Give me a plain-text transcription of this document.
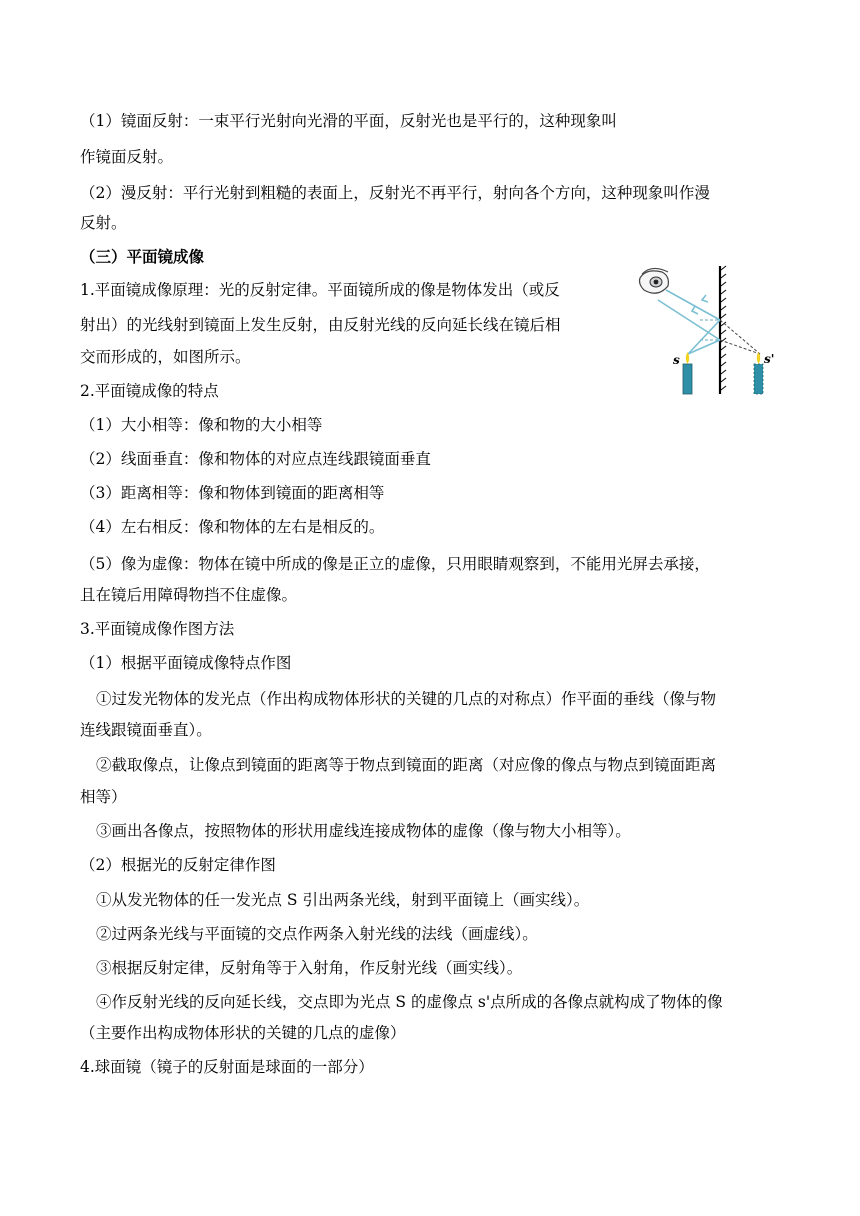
（1）镜面反射：一束平行光射向光滑的平面，反射光也是平行的，这种现象叫
作镜面反射。
（2）漫反射：平行光射到粗糙的表面上，反射光不再平行，射向各个方向，这种现象叫作漫
反射。
（三）平面镜成像
1.平面镜成像原理：光的反射定律。平面镜所成的像是物体发出（或反
射出）的光线射到镜面上发生反射，由反射光线的反向延长线在镜后相
交而形成的，如图所示。
2.平面镜成像的特点
（1）大小相等：像和物的大小相等
（2）线面垂直：像和物体的对应点连线跟镜面垂直
（3）距离相等：像和物体到镜面的距离相等
（4）左右相反：像和物体的左右是相反的。
（5）像为虚像：物体在镜中所成的像是正立的虚像，只用眼睛观察到，不能用光屏去承接，
且在镜后用障碍物挡不住虚像。
3.平面镜成像作图方法
（1）根据平面镜成像特点作图
①过发光物体的发光点（作出构成物体形状的关键的几点的对称点）作平面的垂线（像与物
连线跟镜面垂直）。
②截取像点，让像点到镜面的距离等于物点到镜面的距离（对应像的像点与物点到镜面距离
相等）
③画出各像点，按照物体的形状用虚线连接成物体的虚像（像与物大小相等）。
（2）根据光的反射定律作图
①从发光物体的任一发光点 S 引出两条光线，射到平面镜上（画实线）。
②过两条光线与平面镜的交点作两条入射光线的法线（画虚线）。
③根据反射定律，反射角等于入射角，作反射光线（画实线）。
④作反射光线的反向延长线，交点即为光点 S 的虚像点 s'点所成的各像点就构成了物体的像
（主要作出构成物体形状的关键的几点的虚像）
4.球面镜（镜子的反射面是球面的一部分）
s	s'
